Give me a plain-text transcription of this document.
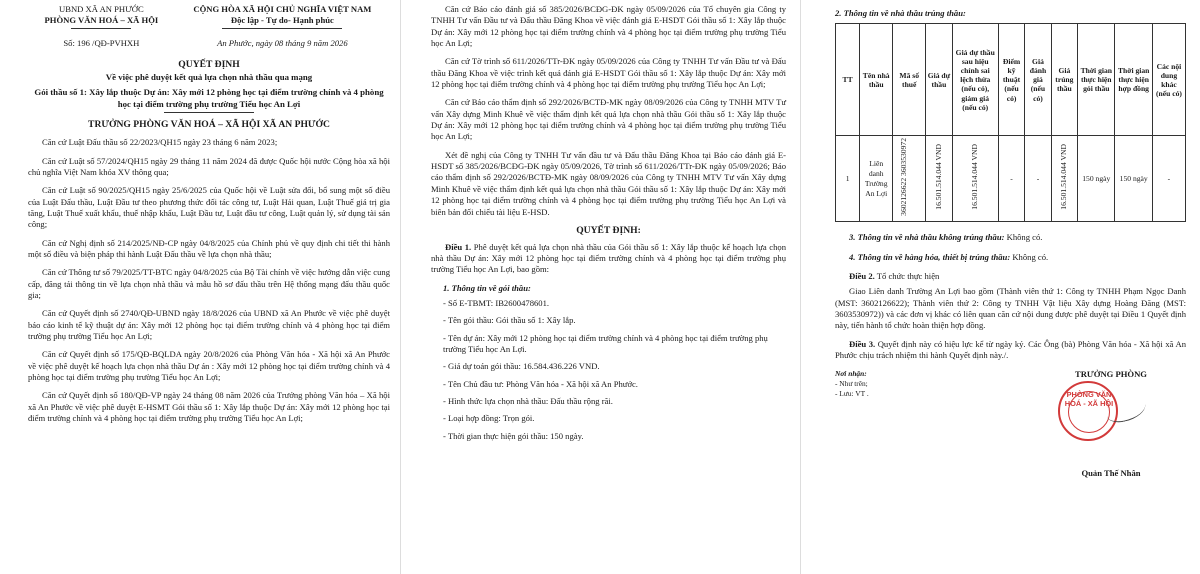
UBND XÃ AN PHƯỚC
PHÒNG VĂN HOÁ – XÃ HỘI
CỘNG HÒA XÃ HỘI CHỦ NGHĨA VIỆT NAM
Độc lập - Tự do- Hạnh phúc
Số: 196 /QĐ-PVHXH	An Phước, ngày 08 tháng 9 năm 2026
QUYẾT ĐỊNH
Về việc phê duyệt kết quả lựa chọn nhà thầu qua mạng
Gói thầu số 1: Xây lắp thuộc Dự án: Xây mới 12 phòng học tại điểm trường chính và 4 phòng học tại điểm trường phụ trường Tiểu học An Lợi
TRƯỞNG PHÒNG VĂN HOÁ – XÃ HỘI XÃ AN PHƯỚC

Căn cứ Luật Đấu thầu số 22/2023/QH15 ngày 23 tháng 6 năm 2023;

Căn cứ Luật số 57/2024/QH15 ngày 29 tháng 11 năm 2024 đã được Quốc hội nước Cộng hòa xã hội chủ nghĩa Việt Nam khóa XV thông qua;

Căn cứ Luật số 90/2025/QH15 ngày 25/6/2025 của Quốc hội về Luật sửa đổi, bổ sung một số điều của Luật Đấu thầu, Luật Đầu tư theo phương thức đối tác công tư, Luật Hải quan, Luật Thuế giá trị gia tăng, Luật Thuế xuất khẩu, thuế nhập khẩu, Luật Đầu tư, Luật đầu tư công, Luật quản lý, sử dụng tài sản công;

Căn cứ Nghị định số 214/2025/NĐ-CP ngày 04/8/2025 của Chính phủ về quy định chi tiết thi hành một số điều và biện pháp thi hành Luật Đấu thầu về lựa chọn nhà thầu;

Căn cứ Thông tư số 79/2025/TT-BTC ngày 04/8/2025 của Bộ Tài chính về việc hướng dẫn việc cung cấp, đăng tải thông tin về lựa chọn nhà thầu và mẫu hồ sơ đấu thầu trên Hệ thống mạng đấu thầu quốc gia;

Căn cứ Quyết định số 2740/QĐ-UBND ngày 18/8/2026 của UBND xã An Phước về việc phê duyệt báo cáo kinh tế kỹ thuật dự án: Xây mới 12 phòng học tại điểm trường chính và 4 phòng học tại điểm trường phụ trường Tiểu học An Lợi;

Căn cứ Quyết định số 175/QĐ-BQLDA ngày 20/8/2026 của Phòng Văn hóa - Xã hội xã An Phước về việc phê duyệt kế hoạch lựa chọn nhà thầu Dự án : Xây mới 12 phòng học tại điểm trường chính và 4 phòng học tại điểm trường phụ trường Tiểu học An Lợi;

Căn cứ Quyết định số 180/QĐ-VP ngày 24 tháng 08 năm 2026 của Trưởng phòng Văn hóa – Xã hội xã An Phước về việc phê duyệt E-HSMT Gói thầu số 1: Xây lắp thuộc Dự án: Xây mới 12 phòng học tại điểm trường chính và 4 phòng học tại điểm trường phụ trường Tiểu học An Lợi;

Căn cứ Báo cáo đánh giá số 385/2026/BCĐG-ĐK ngày 05/09/2026 của Tổ chuyên gia Công ty TNHH Tư vấn Đầu tư và Đấu thầu Đăng Khoa về việc đánh giá E-HSDT Gói thầu số 1: Xây lắp thuộc Dự án: Xây mới 12 phòng học tại điểm trường chính và 4 phòng học tại điểm trường phụ trường Tiểu học An Lợi;

Căn cứ Tờ trình số 611/2026/TTr-ĐK ngày 05/09/2026 của Công ty TNHH Tư vấn Đầu tư và Đấu thầu Đăng Khoa về việc trình kết quả đánh giá E-HSDT Gói thầu số 1: Xây lắp thuộc Dự án: Xây mới 12 phòng học tại điểm trường chính và 4 phòng học tại điểm trường phụ trường Tiểu học An Lợi;

Căn cứ Báo cáo thẩm định số 292/2026/BCTĐ-MK ngày 08/09/2026 của Công ty TNHH MTV Tư vấn Xây dựng Minh Khuê về việc thẩm định kết quả lựa chọn nhà thầu Gói thầu số 1: Xây lắp thuộc Dự án: Xây mới 12 phòng học tại điểm trường chính và 4 phòng học tại điểm trường phụ trường Tiểu học An Lợi;

Xét đề nghị của Công ty TNHH Tư vấn đầu tư và Đấu thầu Đăng Khoa tại Báo cáo đánh giá E-HSDT số 385/2026/BCĐG-ĐK ngày 05/09/2026, Tờ trình số 611/2026/TTr-ĐK ngày 05/09/2026; Báo cáo thẩm định số 292/2026/BCTĐ-MK ngày 08/09/2026 của Công ty TNHH MTV Tư vấn Xây dựng Minh Khuê về việc thẩm định kết quả lựa chọn nhà thầu Gói thầu số 1: Xây lắp thuộc Dự án: Xây mới 12 phòng học tại điểm trường chính và 4 phòng học tại điểm trường phụ trường Tiểu học An Lợi và biên bản đối chiếu tài liệu E-HSD.

QUYẾT ĐỊNH:

Điều 1. Phê duyệt kết quả lựa chọn nhà thầu của Gói thầu số 1: Xây lắp thuộc kế hoạch lựa chọn nhà thầu Dự án: Xây mới 12 phòng học tại điểm trường chính và 4 phòng học tại điểm trường phụ trường Tiểu học An Lợi, bao gồm:

1. Thông tin về gói thầu:
- Số E-TBMT: IB2600478601.
- Tên gói thầu: Gói thầu số 1: Xây lắp.
- Tên dự án: Xây mới 12 phòng học tại điểm trường chính và 4 phòng học tại điểm trường phụ trường Tiểu học An Lợi.
- Giá dự toán gói thầu: 16.584.436.226 VND.
- Tên Chủ đầu tư: Phòng Văn hóa - Xã hội xã An Phước.
- Hình thức lựa chọn nhà thầu: Đấu thầu rộng rãi.
- Loại hợp đồng: Trọn gói.
- Thời gian thực hiện gói thầu: 150 ngày.
2. Thông tin về nhà thầu trúng thầu:
TT	Tên nhà thầu	Mã số thuế	Giá dự thầu	Giá dự thầu sau hiệu chỉnh sai lệch thừa (nếu có), giảm giá (nếu có)	Điểm kỹ thuật (nếu có)	Giá đánh giá (nếu có)	Giá trúng thầu	Thời gian thực hiện gói thầu	Thời gian thực hiện hợp đồng	Các nội dung khác (nếu có)
1	Liên danh Trường An Lợi	3602126622 3603530972	16.501.514.044 VND	16.501.514.044 VND	-	-	16.501.514.044 VND	150 ngày	150 ngày	-
3. Thông tin về nhà thầu không trúng thầu: Không có.
4. Thông tin về hàng hóa, thiết bị trúng thầu: Không có.
Điều 2. Tổ chức thực hiện

Giao Liên danh Trường An Lợi bao gồm (Thành viên thứ 1: Công ty TNHH Phạm Ngọc Danh (MST: 3602126622); Thành viên thứ 2: Công ty TNHH Vật liệu Xây dựng Hoàng Đăng (MST: 3603530972)) và các đơn vị khác có liên quan căn cứ nội dung được phê duyệt tại Điều 1 Quyết định này, tiến hành tổ chức hoàn thiện hợp đồng.

Điều 3. Quyết định này có hiệu lực kể từ ngày ký. Các Ông (bà) Phòng Văn hóa - Xã hội xã An Phước chịu trách nhiệm thi hành Quyết định này./.

Nơi nhận:
- Như trên;
- Lưu: VT .
TRƯỞNG PHÒNG
PHÒNG VĂN HOÁ - XÃ HỘI
Quản Thế Nhân
